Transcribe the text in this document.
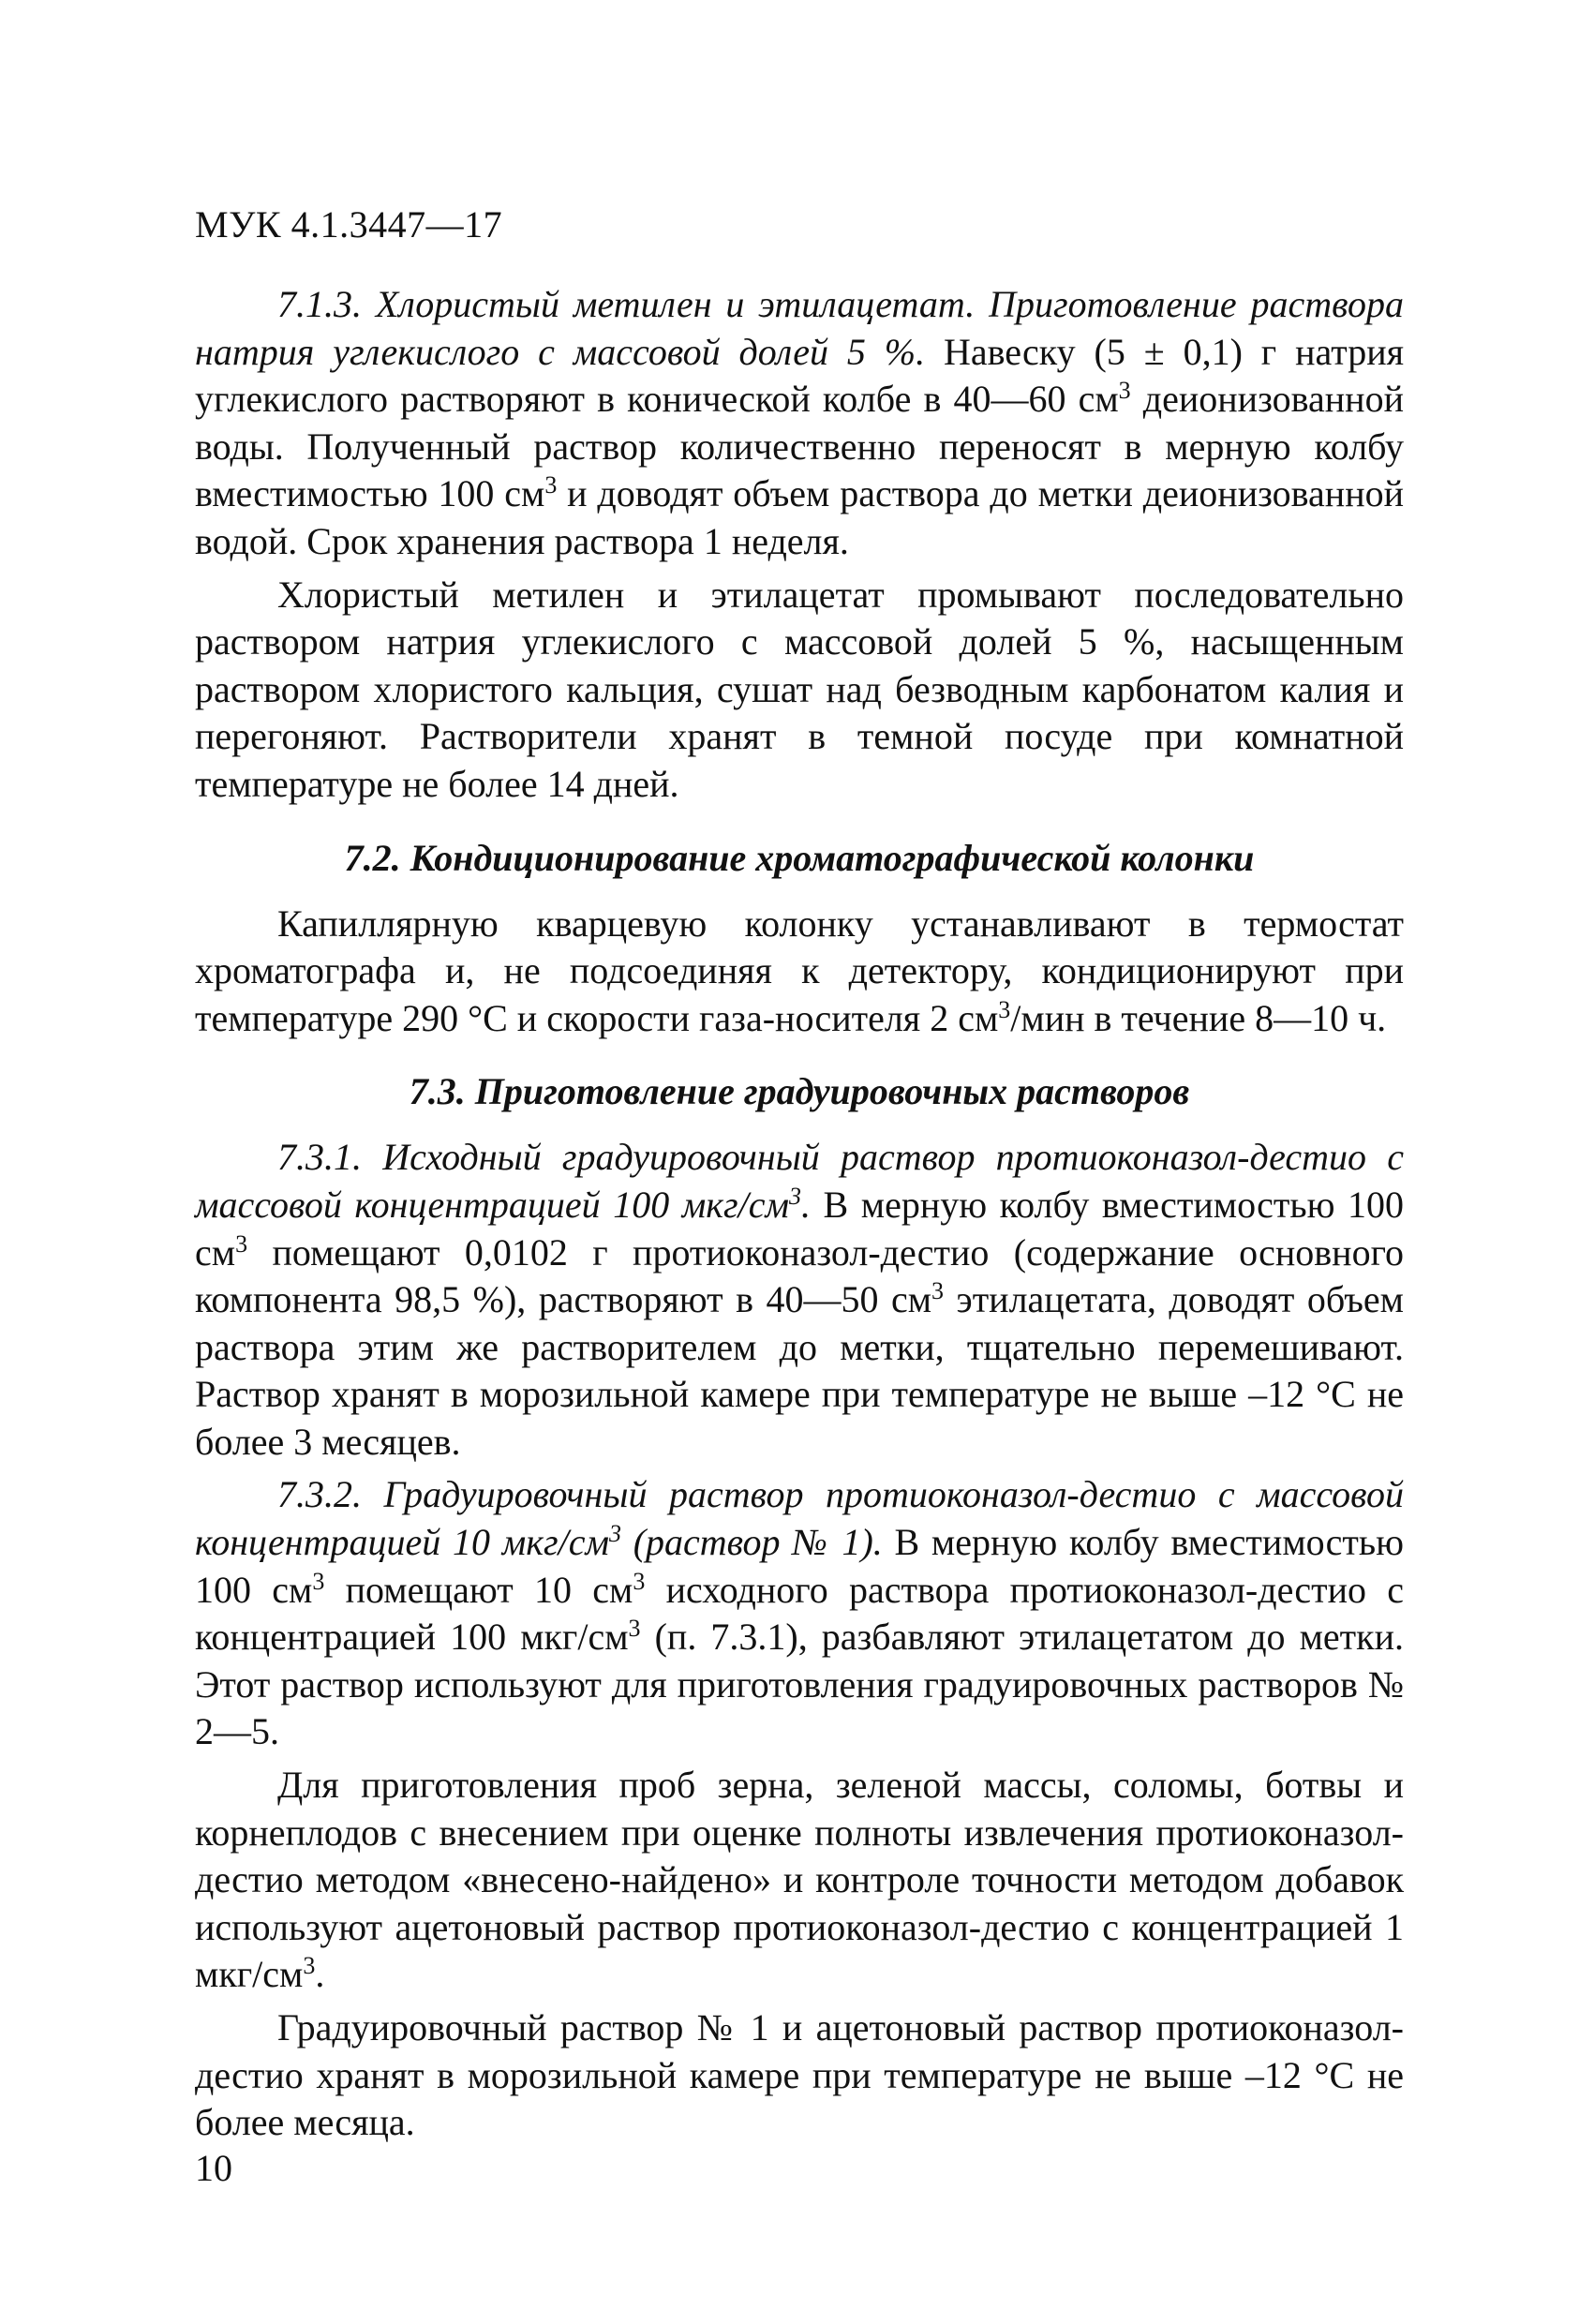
МУК 4.1.3447—17

7.1.3. Хлористый метилен и этилацетат. Приготовление раствора натрия углекислого с массовой долей 5 %. Навеску (5 ± 0,1) г натрия углекислого растворяют в конической колбе в 40—60 $см^3$ деионизованной воды. Полученный раствор количественно переносят в мерную колбу вместимостью 100 $см^3$ и доводят объем раствора до метки деионизованной водой. Срок хранения раствора 1 неделя.

Хлористый метилен и этилацетат промывают последовательно раствором натрия углекислого с массовой долей 5 %, насыщенным раствором хлористого кальция, сушат над безводным карбонатом калия и перегоняют. Растворители хранят в темной посуде при комнатной температуре не более 14 дней.

7.2. Кондиционирование хроматографической колонки

Капиллярную кварцевую колонку устанавливают в термостат хроматографа и, не подсоединяя к детектору, кондиционируют при температуре 290 °С и скорости газа-носителя 2 $см^3$/мин в течение 8—10 ч.

7.3. Приготовление градуировочных растворов

7.3.1. Исходный градуировочный раствор протиоконазол-дестио с массовой концентрацией 100 мкг/$см^3$. В мерную колбу вместимостью 100 $см^3$ помещают 0,0102 г протиоконазол-дестио (содержание основного компонента 98,5 %), растворяют в 40—50 $см^3$ этилацетата, доводят объем раствора этим же растворителем до метки, тщательно перемешивают. Раствор хранят в морозильной камере при температуре не выше –12 °С не более 3 месяцев.

7.3.2. Градуировочный раствор протиоконазол-дестио с массовой концентрацией 10 мкг/$см^3$ (раствор № 1). В мерную колбу вместимостью 100 $см^3$ помещают 10 $см^3$ исходного раствора протиоконазол-дестио с концентрацией 100 мкг/$см^3$ (п. 7.3.1), разбавляют этилацетатом до метки. Этот раствор используют для приготовления градуировочных растворов № 2—5.

Для приготовления проб зерна, зеленой массы, соломы, ботвы и корнеплодов с внесением при оценке полноты извлечения протиоконазол-дестио методом «внесено-найдено» и контроле точности методом добавок используют ацетоновый раствор протиоконазол-дестио с концентрацией 1 мкг/$см^3$.

Градуировочный раствор № 1 и ацетоновый раствор протиоконазол-дестио хранят в морозильной камере при температуре не выше –12 °С не более месяца.

10
